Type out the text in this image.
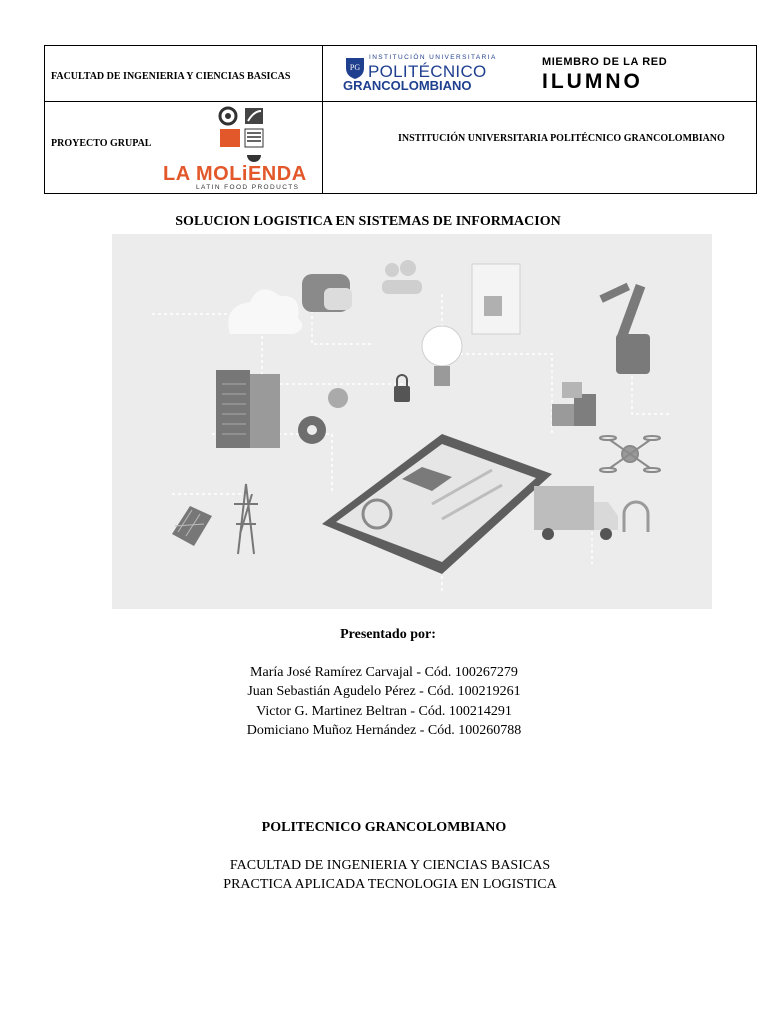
FACULTAD DE INGENIERIA Y CIENCIAS BASICAS
PROYECTO GRUPAL	INSTITUCIÓN UNIVERSITARIA POLITÉCNICO GRANCOLOMBIANO
PG
INSTITUCIÓN UNIVERSITARIA
POLITÉCNICO
GRANCOLOMBIANO
MIEMBRO DE LA RED
ILUMNO
LA MOLiENDA
LATIN FOOD PRODUCTS
SOLUCION LOGISTICA EN SISTEMAS DE INFORMACION
Presentado por:
María José Ramírez Carvajal - Cód. 100267279
Juan Sebastián Agudelo Pérez - Cód. 100219261
Victor G. Martinez Beltran - Cód. 100214291
Domiciano Muñoz Hernández - Cód. 100260788
POLITECNICO GRANCOLOMBIANO
FACULTAD DE INGENIERIA Y CIENCIAS BASICAS
PRACTICA APLICADA TECNOLOGIA EN LOGISTICA
